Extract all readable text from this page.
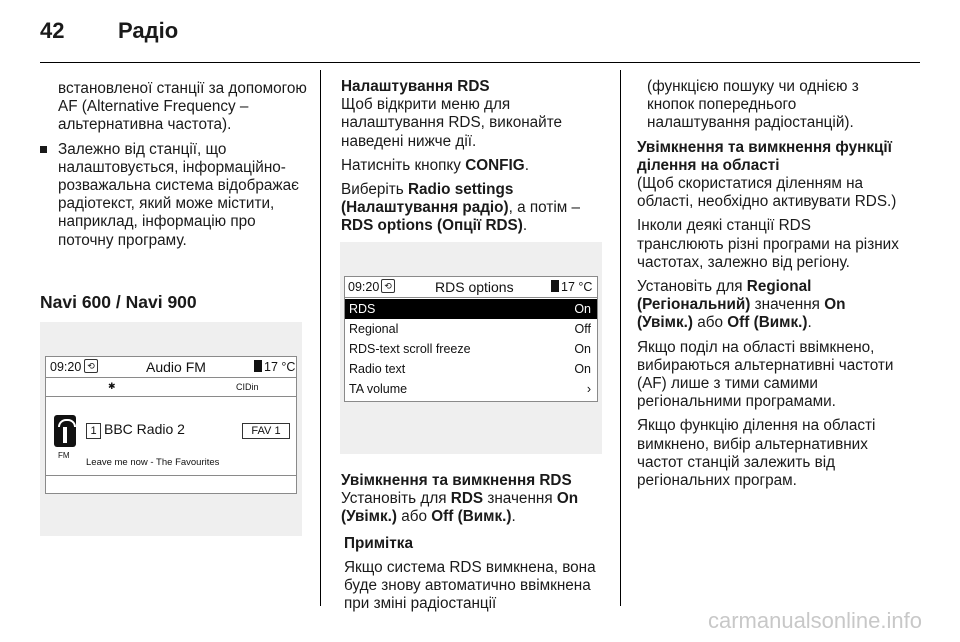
42 Радіо

встановленої станції за допомогою AF (Alternative Frequency – альтернативна частота).

Залежно від станції, що налаштовується, інформаційно-розважальна система відображає радіотекст, який може містити, наприклад, інформацію про поточну програму.

Navi 600 / Navi 900
09:20 ⟲	Audio FM	17 °C
✱	CIDin
1 BBC Radio 2	FAV 1
FM
Leave me now - The Favourites

Налаштування RDS

Щоб відкрити меню для налаштування RDS, виконайте наведені нижче дії.

Натисніть кнопку CONFIG.

Виберіть Radio settings (Налаштування радіо), а потім – RDS options (Опції RDS).

09:20 ⟲	RDS options	17 °C
RDS	On
Regional	Off
RDS-text scroll freeze	On
Radio text	On
TA volume	›

Увімкнення та вимкнення RDS

Установіть для RDS значення On (Увімк.) або Off (Вимк.).

Примітка

Якщо система RDS вимкнена, вона буде знову автоматично ввімкнена при зміні радіостанції

(функцією пошуку чи однією з кнопок попереднього налаштування радіостанцій).

Увімкнення та вимкнення функції ділення на області

(Щоб скористатися діленням на області, необхідно активувати RDS.)

Інколи деякі станції RDS транслюють різні програми на різних частотах, залежно від регіону.

Установіть для Regional (Регіональний) значення On (Увімк.) або Off (Вимк.).

Якщо поділ на області ввімкнено, вибираються альтернативні частоти (AF) лише з тими самими регіональними програмами.

Якщо функцію ділення на області вимкнено, вибір альтернативних частот станцій залежить від регіональних програм.

carmanualsonline.info
